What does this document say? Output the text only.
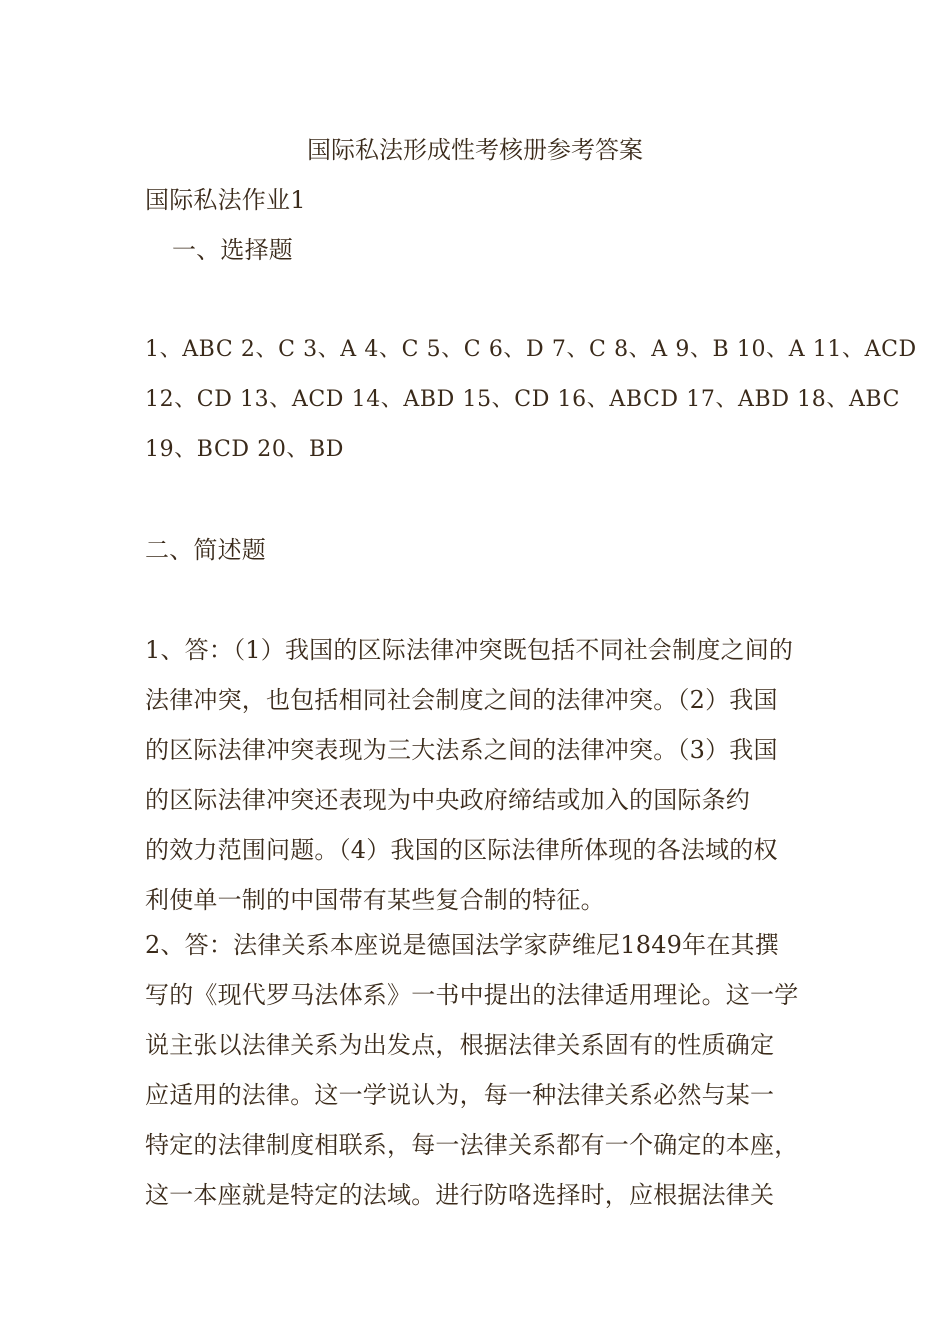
国际私法形成性考核册参考答案
国际私法作业1
一、选择题
1、ABC 2、C 3、A 4、C 5、C 6、D 7、C 8、A 9、B 10、A 11、ACD
12、CD 13、ACD 14、ABD 15、CD 16、ABCD 17、ABD 18、ABC
19、BCD 20、BD
二、简述题
1、答：（1）我国的区际法律冲突既包括不同社会制度之间的
法律冲突，也包括相同社会制度之间的法律冲突。（2）我国
的区际法律冲突表现为三大法系之间的法律冲突。（3）我国
的区际法律冲突还表现为中央政府缔结或加入的国际条约
的效力范围问题。（4）我国的区际法律所体现的各法域的权
利使单一制的中国带有某些复合制的特征。
2、答：法律关系本座说是德国法学家萨维尼1849年在其撰
写的《现代罗马法体系》一书中提出的法律适用理论。这一学
说主张以法律关系为出发点，根据法律关系固有的性质确定
应适用的法律。这一学说认为，每一种法律关系必然与某一
特定的法律制度相联系，每一法律关系都有一个确定的本座，
这一本座就是特定的法域。进行防咯选择时，应根据法律关
